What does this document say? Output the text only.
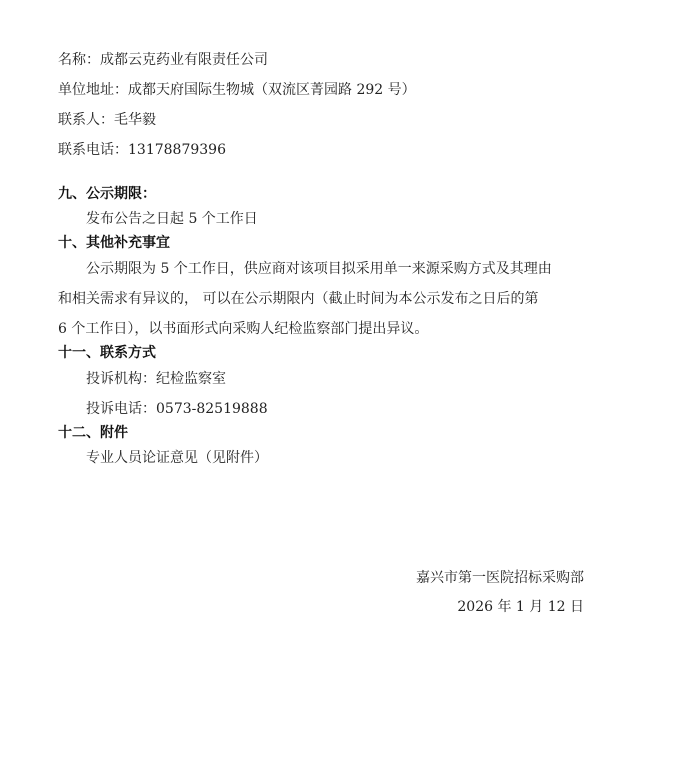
名称：成都云克药业有限责任公司
单位地址：成都天府国际生物城（双流区菁园路 292 号）
联系人：毛华毅
联系电话：13178879396
九、公示期限：
发布公告之日起 5 个工作日
十、其他补充事宜
公示期限为 5 个工作日，供应商对该项目拟采用单一来源采购方式及其理由
和相关需求有异议的， 可以在公示期限内（截止时间为本公示发布之日后的第
6 个工作日），以书面形式向采购人纪检监察部门提出异议。
十一、联系方式
投诉机构：纪检监察室
投诉电话：0573-82519888
十二、附件
专业人员论证意见（见附件）
嘉兴市第一医院招标采购部
2026 年 1 月 12 日
